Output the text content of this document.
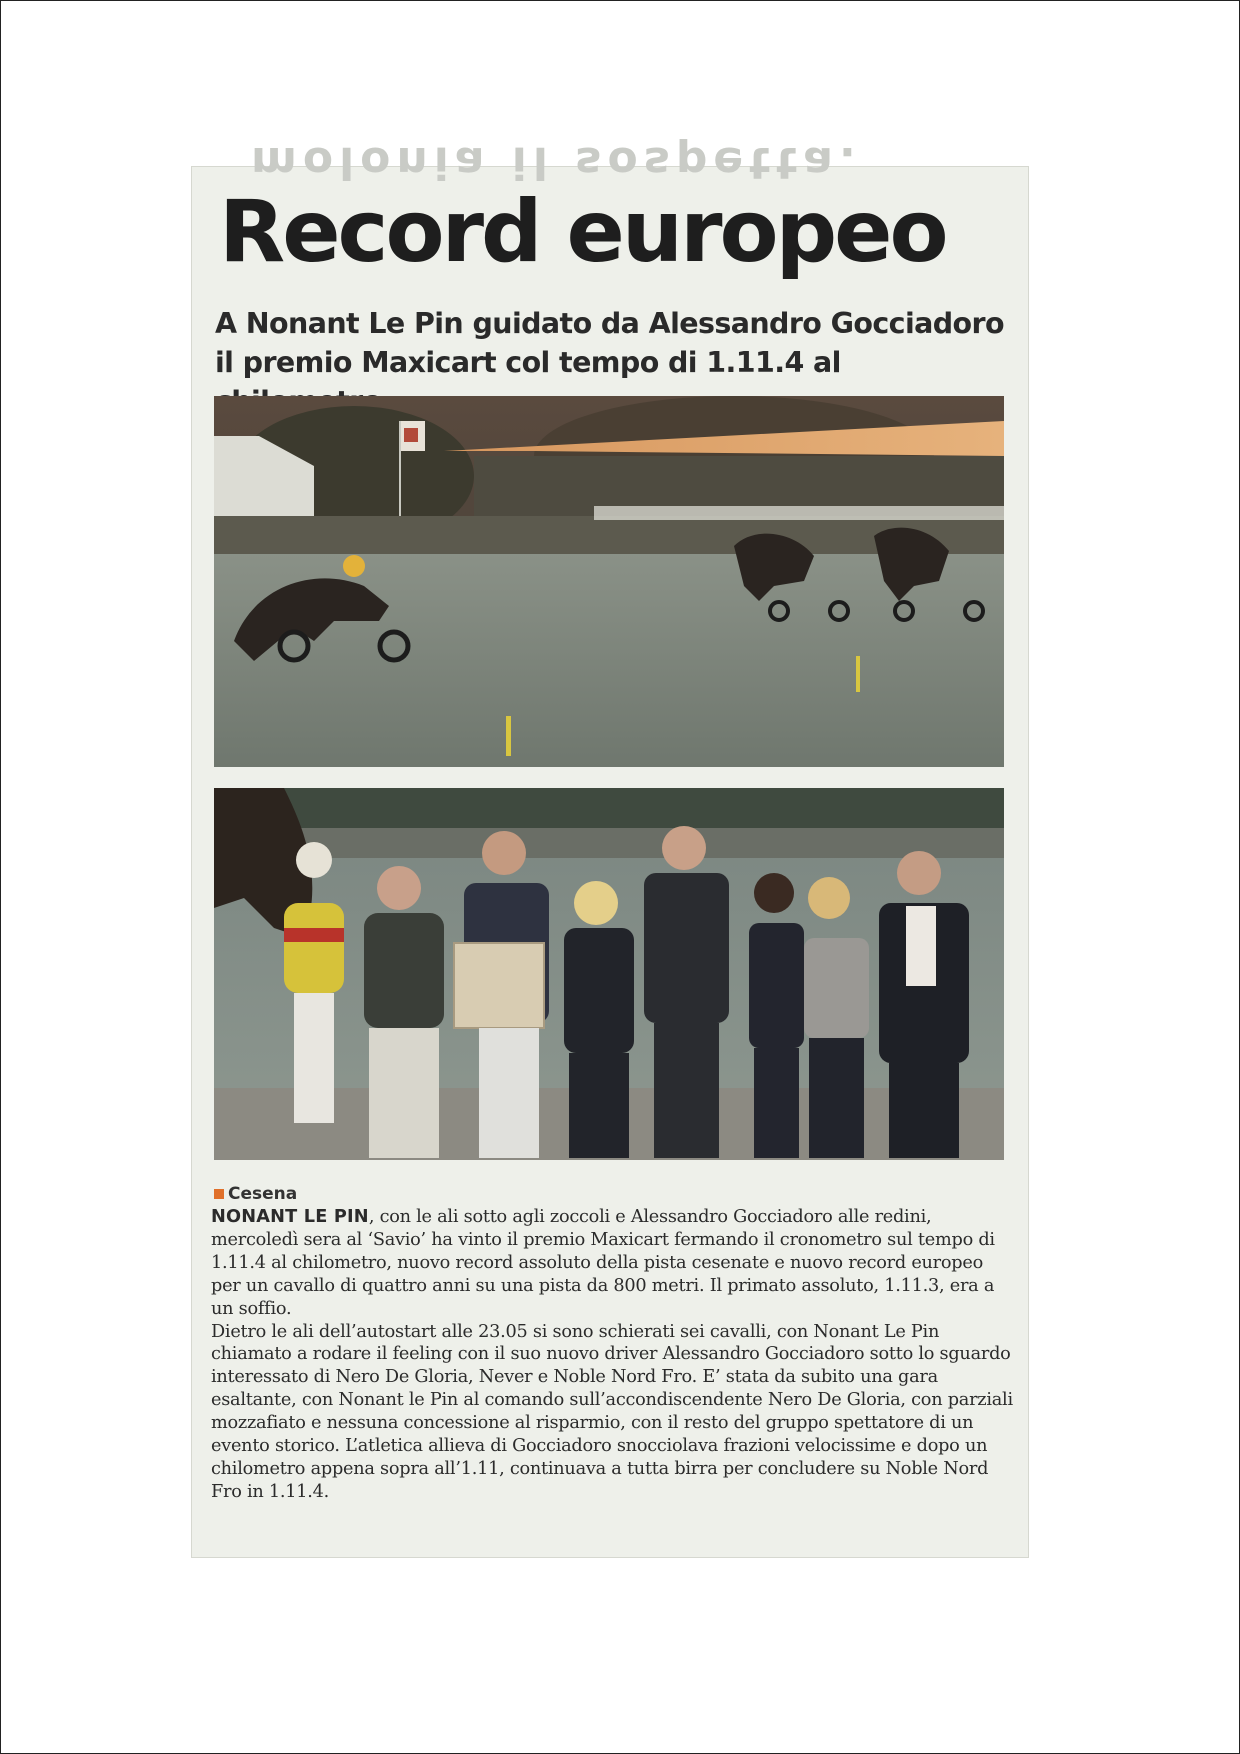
molonia il sospetta.
Record europeo
A Nonant Le Pin guidato da Alessandro Gocciadoro
il premio Maxicart col tempo di 1.11.4 al
Cesena

NONANT LE PIN, con le ali sotto agli zoccoli e Alessandro Gocciadoro alle redini, mercoledì sera al ‘Savio’ ha vinto il premio Maxicart fermando il cronometro sul tempo di 1.11.4 al chilometro, nuovo record assoluto della pista cesenate e nuovo record europeo per un cavallo di quattro anni su una pista da 800 metri. Il primato assoluto, 1.11.3, era a un soffio.

Dietro le ali dell’autostart alle 23.05 si sono schierati sei cavalli, con Nonant Le Pin chiamato a rodare il feeling con il suo nuovo driver Alessandro Gocciadoro sotto lo sguardo interessato di Nero De Gloria, Never e Noble Nord Fro. E’ stata da subito una gara esaltante, con Nonant le Pin al comando sull’accondiscendente Nero De Gloria, con parziali mozzafiato e nessuna concessione al risparmio, con il resto del gruppo spettatore di un evento storico. L’atletica allieva di Gocciadoro snocciolava frazioni velocissime e dopo un chilometro appena sopra all’1.11, continuava a tutta birra per concludere su Noble Nord Fro in 1.11.4.
